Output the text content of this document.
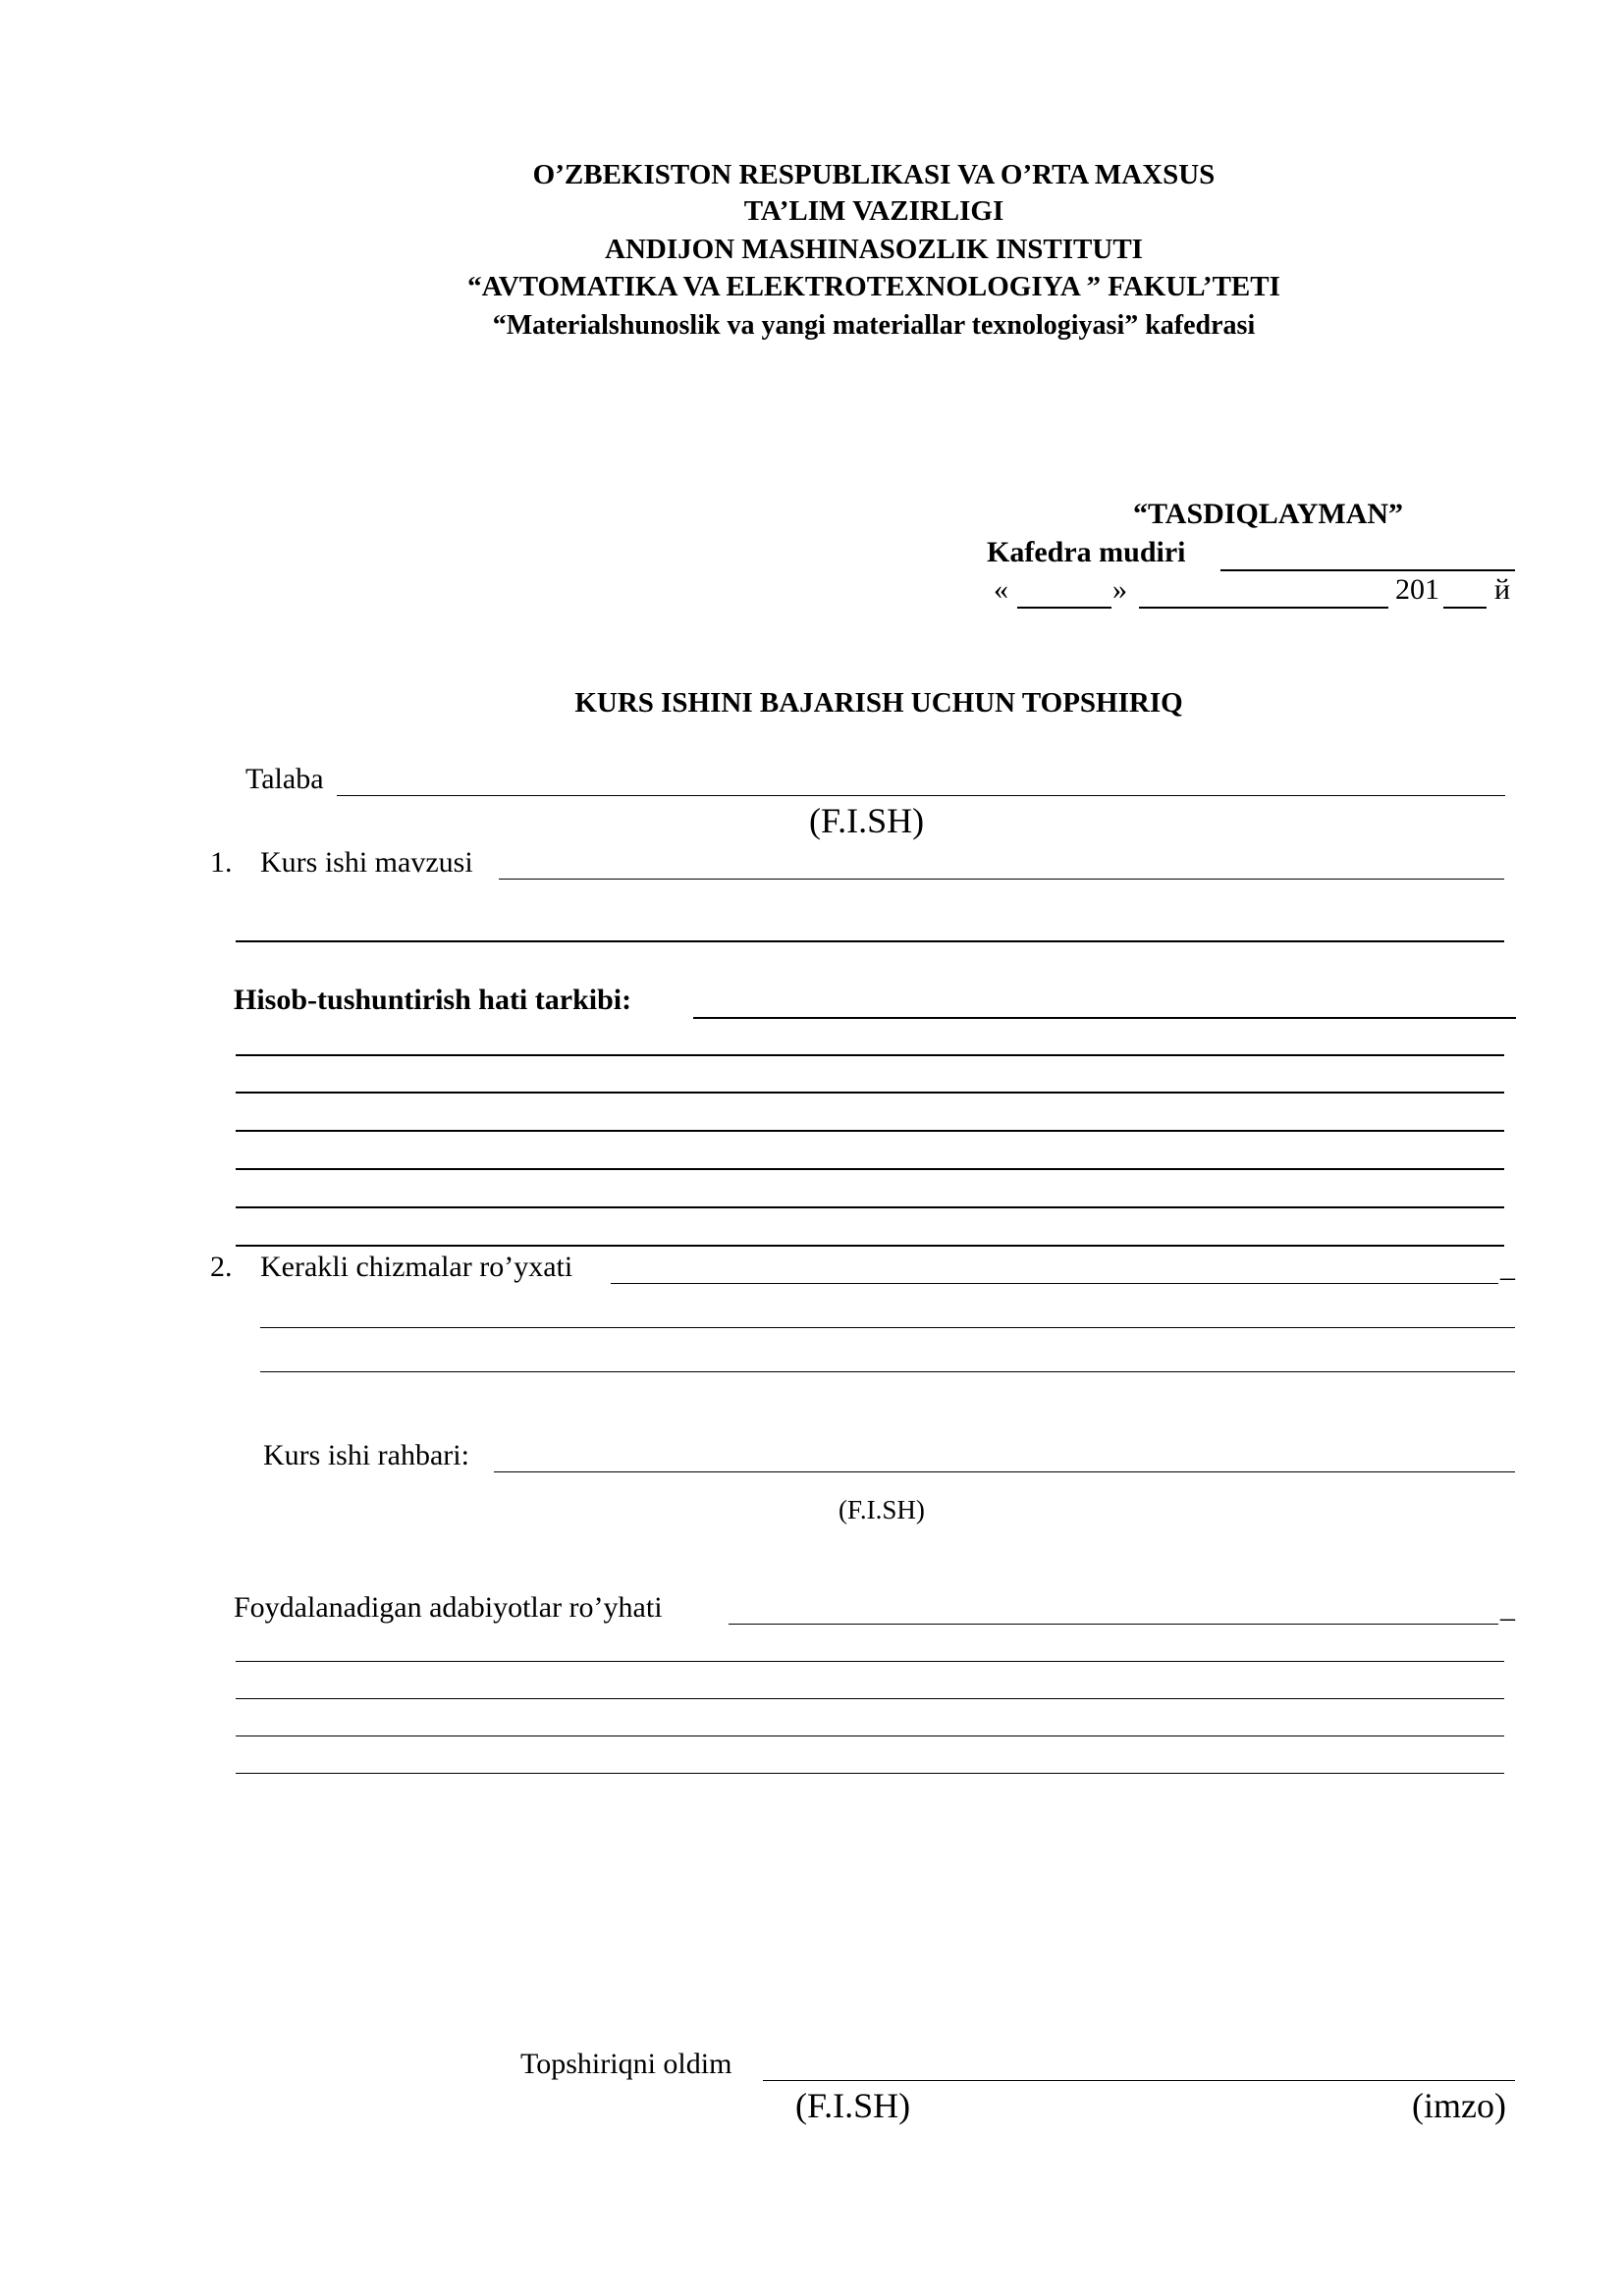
O’ZBEKISTON RESPUBLIKASI VA O’RTA MAXSUS
TA’LIM VAZIRLIGI
ANDIJON MASHINASOZLIK INSTITUTI
“AVTOMATIKA VA ELEKTROTEXNOLOGIYA ” FAKUL’TETI
“Materialshunoslik va yangi materiallar texnologiyasi” kafedrasi
“TASDIQLAYMAN”
Kafedra mudiri
«	»	201 й
KURS ISHINI BAJARISH UCHUN TOPSHIRIQ
Talaba
(F.I.SH)
1. Kurs ishi mavzusi
Hisob-tushuntirish hati tarkibi:
2. Kerakli chizmalar ro’yxati	_
Kurs ishi rahbari:
(F.I.SH)
Foydalanadigan adabiyotlar ro’yhati	_
Topshiriqni oldim
(F.I.SH)	(imzo)
